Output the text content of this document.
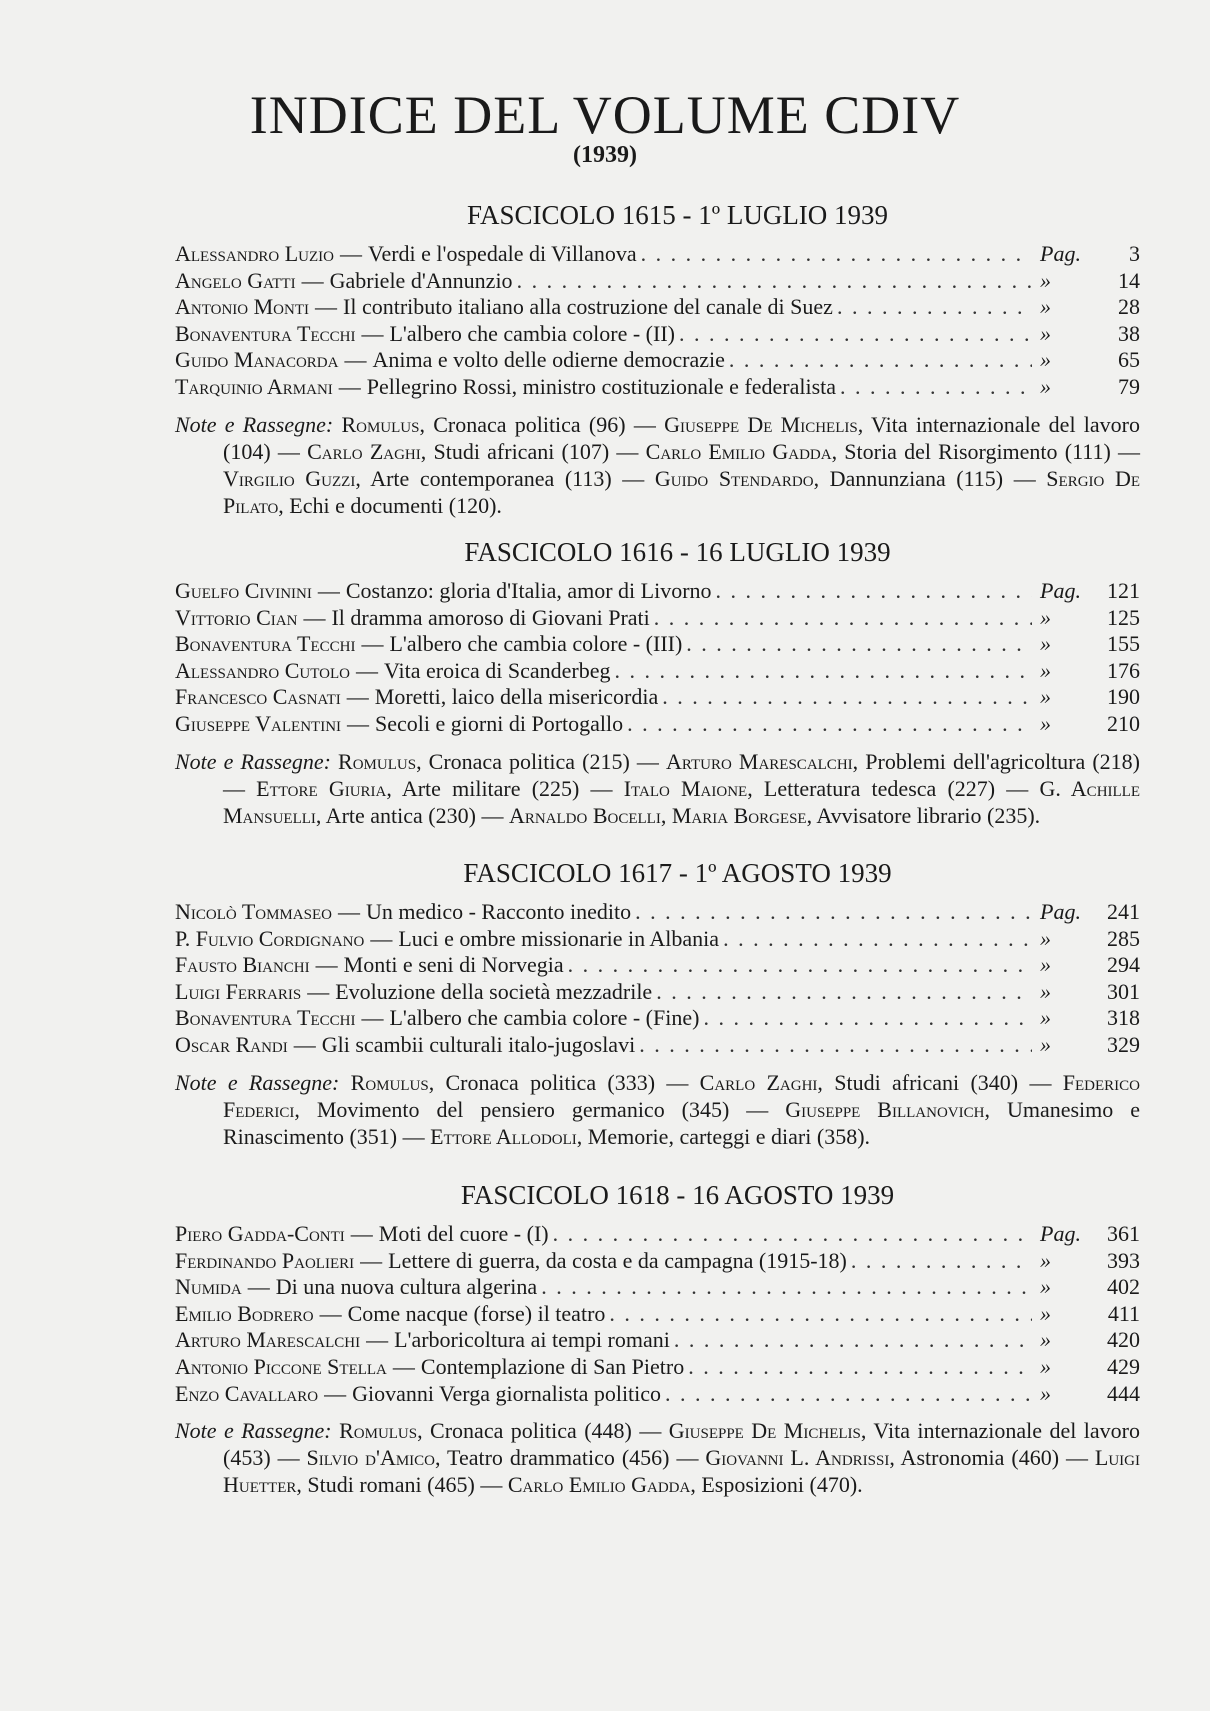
INDICE DEL VOLUME CDIV
(1939)
FASCICOLO 1615 - 1º LUGLIO 1939
Alessandro Luzio — Verdi e l'ospedale di Villanova . . .	Pag.	3
Angelo Gatti — Gabriele d'Annunzio . . .	»	14
Antonio Monti — Il contributo italiano alla costruzione del canale di Suez . . .	»	28
Bonaventura Tecchi — L'albero che cambia colore - (II) . . .	»	38
Guido Manacorda — Anima e volto delle odierne democrazie . . .	»	65
Tarquinio Armani — Pellegrino Rossi, ministro costituzionale e federalista . . .	»	79
Note e Rassegne: Romulus, Cronaca politica (96) — Giuseppe De Michelis, Vita internazionale del lavoro (104) — Carlo Zaghi, Studi africani (107) — Carlo Emilio Gadda, Storia del Risorgimento (111) — Virgilio Guzzi, Arte contemporanea (113) — Guido Stendardo, Dannunziana (115) — Sergio De Pilato, Echi e documenti (120).
FASCICOLO 1616 - 16 LUGLIO 1939
Guelfo Civinini — Costanzo: gloria d'Italia, amor di Livorno . . .	Pag.	121
Vittorio Cian — Il dramma amoroso di Giovani Prati . . .	»	125
Bonaventura Tecchi — L'albero che cambia colore - (III) . . .	»	155
Alessandro Cutolo — Vita eroica di Scanderbeg . . .	»	176
Francesco Casnati — Moretti, laico della misericordia . . .	»	190
Giuseppe Valentini — Secoli e giorni di Portogallo . . .	»	210
Note e Rassegne: Romulus, Cronaca politica (215) — Arturo Marescalchi, Problemi dell'agricoltura (218) — Ettore Giuria, Arte militare (225) — Italo Maione, Letteratura tedesca (227) — G. Achille Mansuelli, Arte antica (230) — Arnaldo Bocelli, Maria Borgese, Avvisatore librario (235).
FASCICOLO 1617 - 1º AGOSTO 1939
Nicolò Tommaseo — Un medico - Racconto inedito . . .	Pag.	241
P. Fulvio Cordignano — Luci e ombre missionarie in Albania . . .	»	285
Fausto Bianchi — Monti e seni di Norvegia . . .	»	294
Luigi Ferraris — Evoluzione della società mezzadrile . . .	»	301
Bonaventura Tecchi — L'albero che cambia colore - (Fine) . . .	»	318
Oscar Randi — Gli scambii culturali italo-jugoslavi . . .	»	329
Note e Rassegne: Romulus, Cronaca politica (333) — Carlo Zaghi, Studi africani (340) — Federico Federici, Movimento del pensiero germanico (345) — Giuseppe Billanovich, Umanesimo e Rinascimento (351) — Ettore Allodoli, Memorie, carteggi e diari (358).
FASCICOLO 1618 - 16 AGOSTO 1939
Piero Gadda-Conti — Moti del cuore - (I) . . .	Pag.	361
Ferdinando Paolieri — Lettere di guerra, da costa e da campagna (1915-18) . . .	»	393
Numida — Di una nuova cultura algerina . . .	»	402
Emilio Bodrero — Come nacque (forse) il teatro . . .	»	411
Arturo Marescalchi — L'arboricoltura ai tempi romani . . .	»	420
Antonio Piccone Stella — Contemplazione di San Pietro . . .	»	429
Enzo Cavallaro — Giovanni Verga giornalista politico . . .	»	444
Note e Rassegne: Romulus, Cronaca politica (448) — Giuseppe De Michelis, Vita internazionale del lavoro (453) — Silvio d'Amico, Teatro drammatico (456) — Giovanni L. Andrissi, Astronomia (460) — Luigi Huetter, Studi romani (465) — Carlo Emilio Gadda, Esposizioni (470).
